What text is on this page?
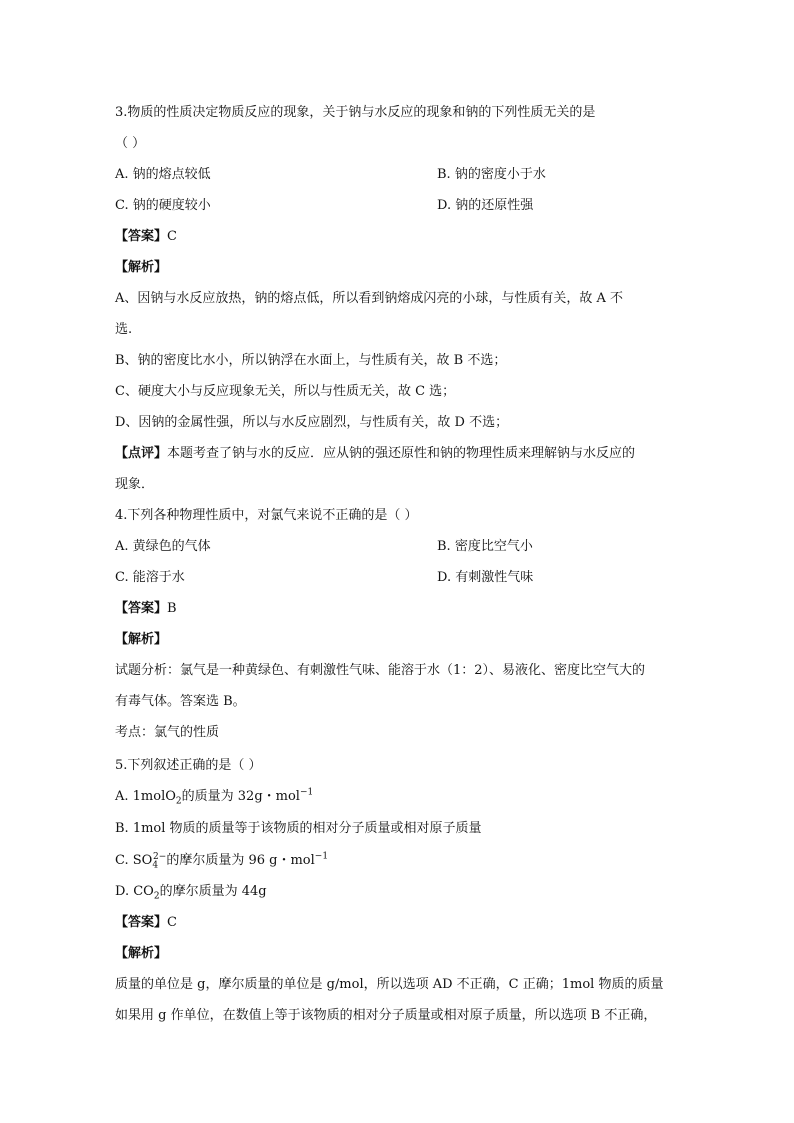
3.物质的性质决定物质反应的现象，关于钠与水反应的现象和钠的下列性质无关的是
（ ）
A. 钠的熔点较低	B. 钠的密度小于水
C. 钠的硬度较小	D. 钠的还原性强
【答案】C
【解析】
A、因钠与水反应放热，钠的熔点低，所以看到钠熔成闪亮的小球，与性质有关，故 A 不
选.
B、钠的密度比水小，所以钠浮在水面上，与性质有关，故 B 不选；
C、硬度大小与反应现象无关，所以与性质无关，故 C 选；
D、因钠的金属性强，所以与水反应剧烈，与性质有关，故 D 不选；
【点评】本题考查了钠与水的反应．应从钠的强还原性和钠的物理性质来理解钠与水反应的
现象．
4.下列各种物理性质中，对氯气来说不正确的是（ ）
A. 黄绿色的气体	B. 密度比空气小
C. 能溶于水	D. 有刺激性气味
【答案】B
【解析】
试题分析：氯气是一种黄绿色、有刺激性气味、能溶于水（1：2）、易液化、密度比空气大的
有毒气体。答案选 B。
考点：氯气的性质
5.下列叙述正确的是（ ）
A. 1molO$_2$的质量为 32g・mol$^{-1}$
B. 1mol 物质的质量等于该物质的相对分子质量或相对原子质量
C. $SO_4^{2-}$的摩尔质量为 96 g・mol$^{-1}$
D. $CO_2$的摩尔质量为 44g
【答案】C
【解析】
质量的单位是 g，摩尔质量的单位是 g/mol，所以选项 AD 不正确，C 正确；1mol 物质的质量
如果用 g 作单位，在数值上等于该物质的相对分子质量或相对原子质量，所以选项 B 不正确，
